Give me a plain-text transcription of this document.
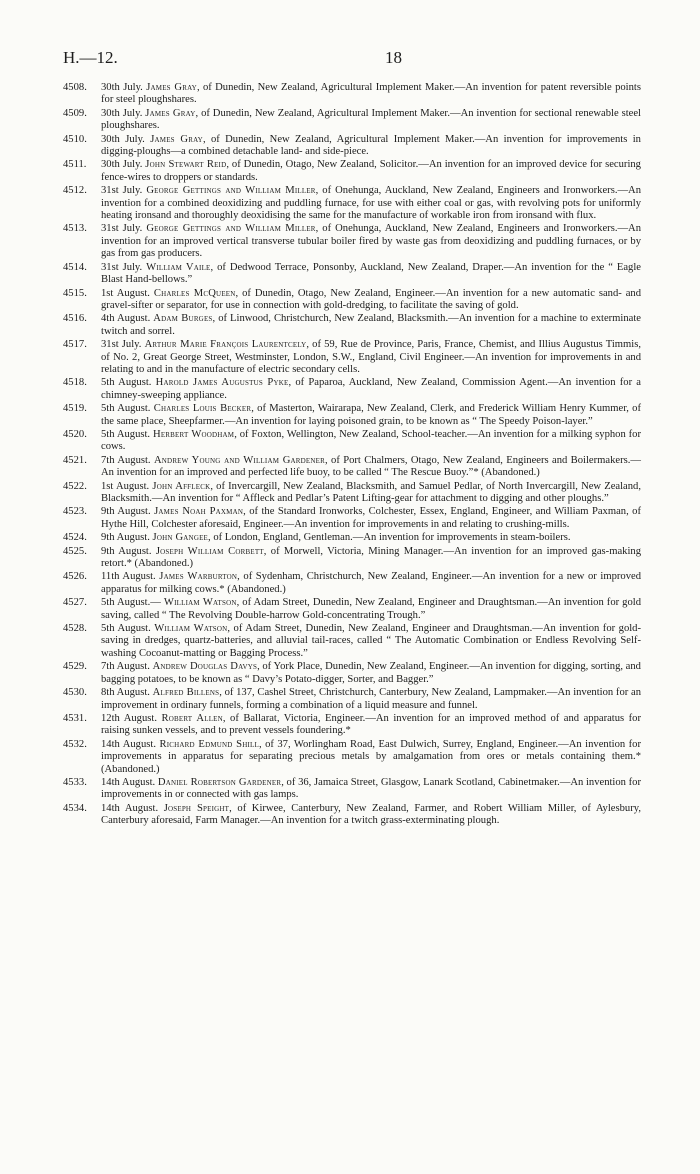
H.—12.	18
4508. 30th July. James Gray, of Dunedin, New Zealand, Agricultural Implement Maker.—An invention for patent reversible points for steel ploughshares.
4509. 30th July. James Gray, of Dunedin, New Zealand, Agricultural Implement Maker.—An invention for sectional renewable steel ploughshares.
4510. 30th July. James Gray, of Dunedin, New Zealand, Agricultural Implement Maker.—An invention for improvements in digging-ploughs—a combined detachable land- and side-piece.
4511. 30th July. John Stewart Reid, of Dunedin, Otago, New Zealand, Solicitor.—An invention for an improved device for securing fence-wires to droppers or standards.
4512. 31st July. George Gettings and William Miller, of Onehunga, Auckland, New Zealand, Engineers and Ironworkers.—An invention for a combined deoxidizing and puddling furnace, for use with either coal or gas, with revolving pots for uniformly heating ironsand and thoroughly deoxidising the same for the manufacture of workable iron from ironsand with flux.
4513. 31st July. George Gettings and William Miller, of Onehunga, Auckland, New Zealand, Engineers and Ironworkers.—An invention for an improved vertical transverse tubular boiler fired by waste gas from deoxidizing and puddling furnaces, or by gas from gas producers.
4514. 31st July. William Vaile, of Dedwood Terrace, Ponsonby, Auckland, New Zealand, Draper.—An invention for the “ Eagle Blast Hand-bellows.”
4515. 1st August. Charles McQueen, of Dunedin, Otago, New Zealand, Engineer.—An invention for a new automatic sand- and gravel-sifter or separator, for use in connection with gold-dredging, to facilitate the saving of gold.
4516. 4th August. Adam Burges, of Linwood, Christchurch, New Zealand, Blacksmith.—An invention for a machine to exterminate twitch and sorrel.
4517. 31st July. Arthur Marie François Laurentcely, of 59, Rue de Province, Paris, France, Chemist, and Illius Augustus Timmis, of No. 2, Great George Street, Westminster, London, S.W., England, Civil Engineer.—An invention for improvements in and relating to and in the manufacture of electric secondary cells.
4518. 5th August. Harold James Augustus Pyke, of Paparoa, Auckland, New Zealand, Commission Agent.—An invention for a chimney-sweeping appliance.
4519. 5th August. Charles Louis Becker, of Masterton, Wairarapa, New Zealand, Clerk, and Frederick William Henry Kummer, of the same place, Sheepfarmer.—An invention for laying poisoned grain, to be known as “ The Speedy Poison-layer.”
4520. 5th August. Herbert Woodham, of Foxton, Wellington, New Zealand, School-teacher.—An invention for a milking syphon for cows.
4521. 7th August. Andrew Young and William Gardener, of Port Chalmers, Otago, New Zealand, Engineers and Boilermakers.—An invention for an improved and perfected life buoy, to be called “ The Rescue Buoy.”* (Abandoned.)
4522. 1st August. John Affleck, of Invercargill, New Zealand, Blacksmith, and Samuel Pedlar, of North Invercargill, New Zealand, Blacksmith.—An invention for “ Affleck and Pedlar’s Patent Lifting-gear for attachment to digging and other ploughs.”
4523. 9th August. James Noah Paxman, of the Standard Ironworks, Colchester, Essex, England, Engineer, and William Paxman, of Hythe Hill, Colchester aforesaid, Engineer.—An invention for improvements in and relating to crushing-mills.
4524. 9th August. John Gangee, of London, England, Gentleman.—An invention for improvements in steam-boilers.
4525. 9th August. Joseph William Corbett, of Morwell, Victoria, Mining Manager.—An invention for an improved gas-making retort.* (Abandoned.)
4526. 11th August. James Warburton, of Sydenham, Christchurch, New Zealand, Engineer.—An invention for a new or improved apparatus for milking cows.* (Abandoned.)
4527. 5th August.— William Watson, of Adam Street, Dunedin, New Zealand, Engineer and Draughtsman.—An invention for gold saving, called “ The Revolving Double-harrow Gold-concentrating Trough.”
4528. 5th August. William Watson, of Adam Street, Dunedin, New Zealand, Engineer and Draughtsman.—An invention for gold-saving in dredges, quartz-batteries, and alluvial tail-races, called “ The Automatic Combination or Endless Revolving Self-washing Cocoanut-matting or Bagging Process.”
4529. 7th August. Andrew Douglas Davys, of York Place, Dunedin, New Zealand, Engineer.—An invention for digging, sorting, and bagging potatoes, to be known as “ Davy’s Potato-digger, Sorter, and Bagger.”
4530. 8th August. Alfred Billens, of 137, Cashel Street, Christchurch, Canterbury, New Zealand, Lampmaker.—An invention for an improvement in ordinary funnels, forming a combination of a liquid measure and funnel.
4531. 12th August. Robert Allen, of Ballarat, Victoria, Engineer.—An invention for an improved method of and apparatus for raising sunken vessels, and to prevent vessels foundering.*
4532. 14th August. Richard Edmund Shill, of 37, Worlingham Road, East Dulwich, Surrey, England, Engineer.—An invention for improvements in apparatus for separating precious metals by amalgamation from ores or metals containing them.* (Abandoned.)
4533. 14th August. Daniel Robertson Gardener, of 36, Jamaica Street, Glasgow, Lanark Scotland, Cabinetmaker.—An invention for improvements in or connected with gas lamps.
4534. 14th August. Joseph Speight, of Kirwee, Canterbury, New Zealand, Farmer, and Robert William Miller, of Aylesbury, Canterbury aforesaid, Farm Manager.—An invention for a twitch grass-exterminating plough.
